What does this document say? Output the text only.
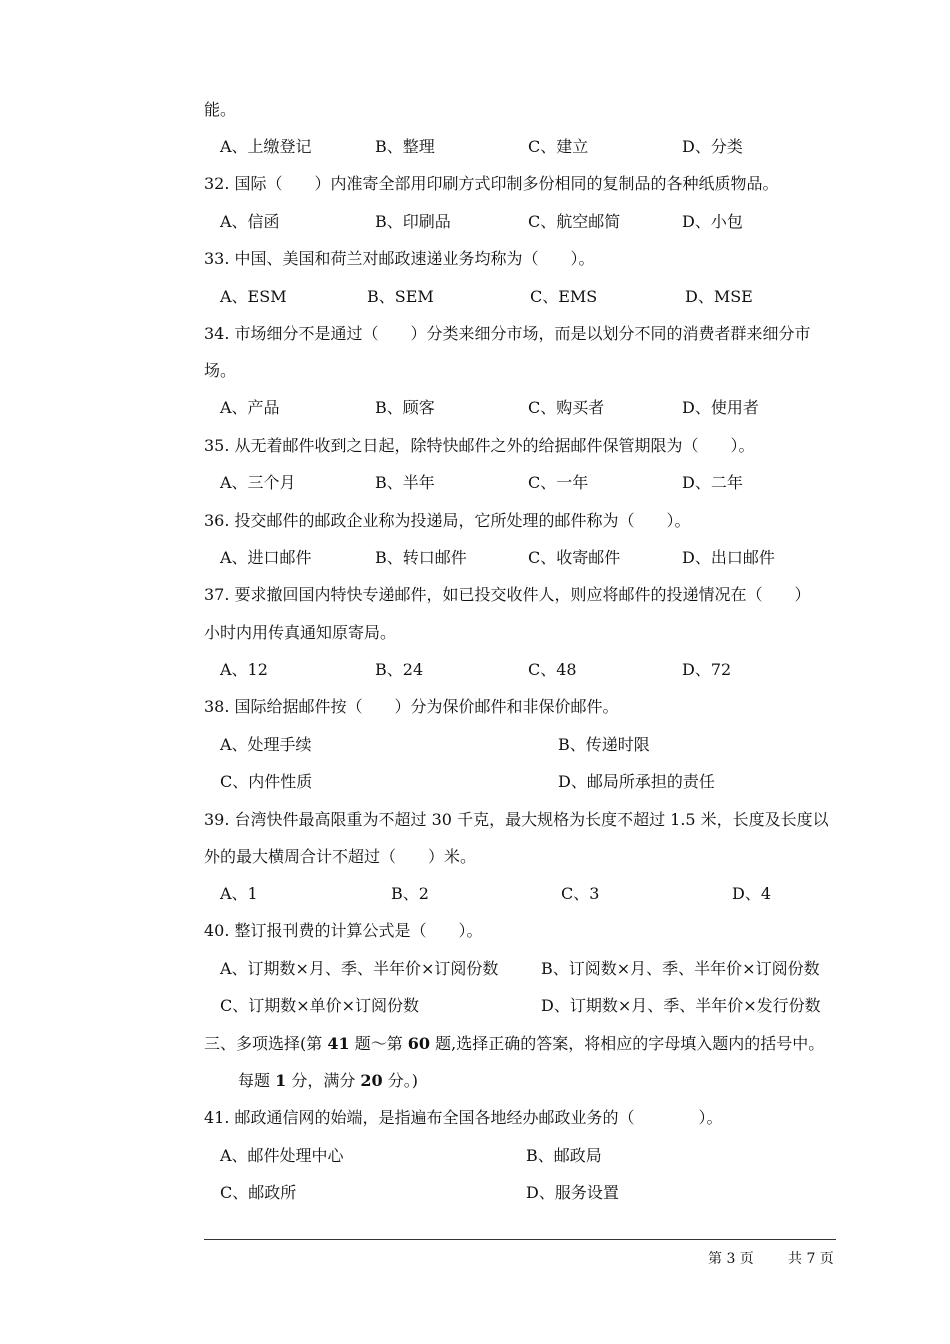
能。
A、上缴登记	B、整理	C、建立	D、分类
32. 国际（　　）内准寄全部用印刷方式印制多份相同的复制品的各种纸质物品。
A、信函	B、印刷品	C、航空邮简	D、小包
33. 中国、美国和荷兰对邮政速递业务均称为（　　）。
A、ESM	B、SEM	C、EMS	D、MSE
34. 市场细分不是通过（　　）分类来细分市场，而是以划分不同的消费者群来细分市
场。
A、产品	B、顾客	C、购买者	D、使用者
35. 从无着邮件收到之日起，除特快邮件之外的给据邮件保管期限为（　　）。
A、三个月	B、半年	C、一年	D、二年
36. 投交邮件的邮政企业称为投递局，它所处理的邮件称为（　　）。
A、进口邮件	B、转口邮件	C、收寄邮件	D、出口邮件
37. 要求撤回国内特快专递邮件，如已投交收件人，则应将邮件的投递情况在（　　）
小时内用传真通知原寄局。
A、12	B、24	C、48	D、72
38. 国际给据邮件按（　　）分为保价邮件和非保价邮件。
A、处理手续	B、传递时限
C、内件性质	D、邮局所承担的责任
39. 台湾快件最高限重为不超过 30 千克，最大规格为长度不超过 1.5 米，长度及长度以
外的最大横周合计不超过（　　）米。
A、1	B、2	C、3	D、4
40. 整订报刊费的计算公式是（　　）。
A、订期数×月、季、半年价×订阅份数	B、订阅数×月、季、半年价×订阅份数
C、订期数×单价×订阅份数	D、订期数×月、季、半年价×发行份数
三、多项选择(第 41 题～第 60 题,选择正确的答案，将相应的字母填入题内的括号中。
每题 1 分，满分 20 分。)
41. 邮政通信网的始端，是指遍布全国各地经办邮政业务的（　　　　）。
A、邮件处理中心	B、邮政局
C、邮政所	D、服务设置
第 3 页 共 7 页
